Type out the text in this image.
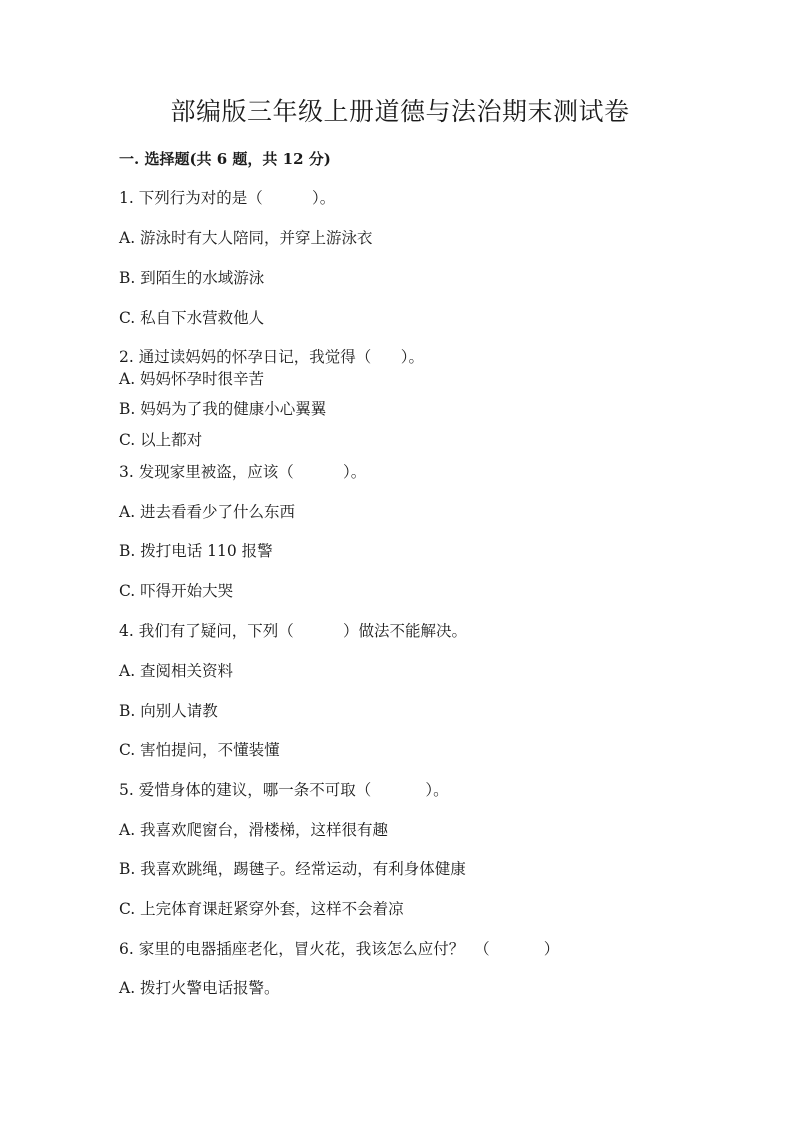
部编版三年级上册道德与法治期末测试卷
一. 选择题(共 6 题，共 12 分)
1. 下列行为对的是（          ）。
A. 游泳时有大人陪同，并穿上游泳衣
B. 到陌生的水域游泳
C. 私自下水营救他人
2. 通过读妈妈的怀孕日记，我觉得（      ）。
A. 妈妈怀孕时很辛苦
B. 妈妈为了我的健康小心翼翼
C. 以上都对
3. 发现家里被盗，应该（          ）。
A. 进去看看少了什么东西
B. 拨打电话 110 报警
C. 吓得开始大哭
4. 我们有了疑问，下列（          ）做法不能解决。
A. 查阅相关资料
B. 向别人请教
C. 害怕提问，不懂装懂
5. 爱惜身体的建议，哪一条不可取（           ）。
A. 我喜欢爬窗台，滑楼梯，这样很有趣
B. 我喜欢跳绳，踢毽子。经常运动，有利身体健康
C. 上完体育课赶紧穿外套，这样不会着凉
6. 家里的电器插座老化，冒火花，我该怎么应付？  （           ）
A. 拨打火警电话报警。
